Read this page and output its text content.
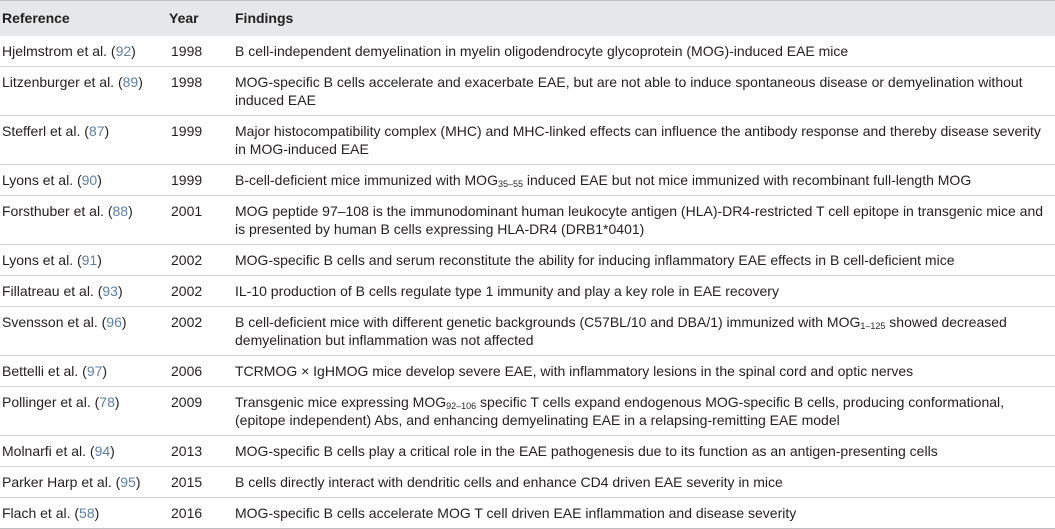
Reference	Year	Findings
Hjelmstrom et al. (92)	1998	B cell-independent demyelination in myelin oligodendrocyte glycoprotein (MOG)-induced EAE mice
Litzenburger et al. (89)	1998	MOG-specific B cells accelerate and exacerbate EAE, but are not able to induce spontaneous disease or demyelination without induced EAE
Stefferl et al. (87)	1999	Major histocompatibility complex (MHC) and MHC-linked effects can influence the antibody response and thereby disease severity in MOG-induced EAE
Lyons et al. (90)	1999	B-cell-deficient mice immunized with $MOG_{35-55}$ induced EAE but not mice immunized with recombinant full-length MOG
Forsthuber et al. (88)	2001	MOG peptide 97–108 is the immunodominant human leukocyte antigen (HLA)-DR4-restricted T cell epitope in transgenic mice and is presented by human B cells expressing HLA-DR4 (DRB1*0401)
Lyons et al. (91)	2002	MOG-specific B cells and serum reconstitute the ability for inducing inflammatory EAE effects in B cell-deficient mice
Fillatreau et al. (93)	2002	IL-10 production of B cells regulate type 1 immunity and play a key role in EAE recovery
Svensson et al. (96)	2002	B cell-deficient mice with different genetic backgrounds (C57BL/10 and DBA/1) immunized with $MOG_{1-125}$ showed decreased demyelination but inflammation was not affected
Bettelli et al. (97)	2006	TCRMOG × IgHMOG mice develop severe EAE, with inflammatory lesions in the spinal cord and optic nerves
Pollinger et al. (78)	2009	Transgenic mice expressing $MOG_{92-106}$ specific T cells expand endogenous MOG-specific B cells, producing conformational, (epitope independent) Abs, and enhancing demyelinating EAE in a relapsing-remitting EAE model
Molnarfi et al. (94)	2013	MOG-specific B cells play a critical role in the EAE pathogenesis due to its function as an antigen-presenting cells
Parker Harp et al. (95)	2015	B cells directly interact with dendritic cells and enhance CD4 driven EAE severity in mice
Flach et al. (58)	2016	MOG-specific B cells accelerate MOG T cell driven EAE inflammation and disease severity
